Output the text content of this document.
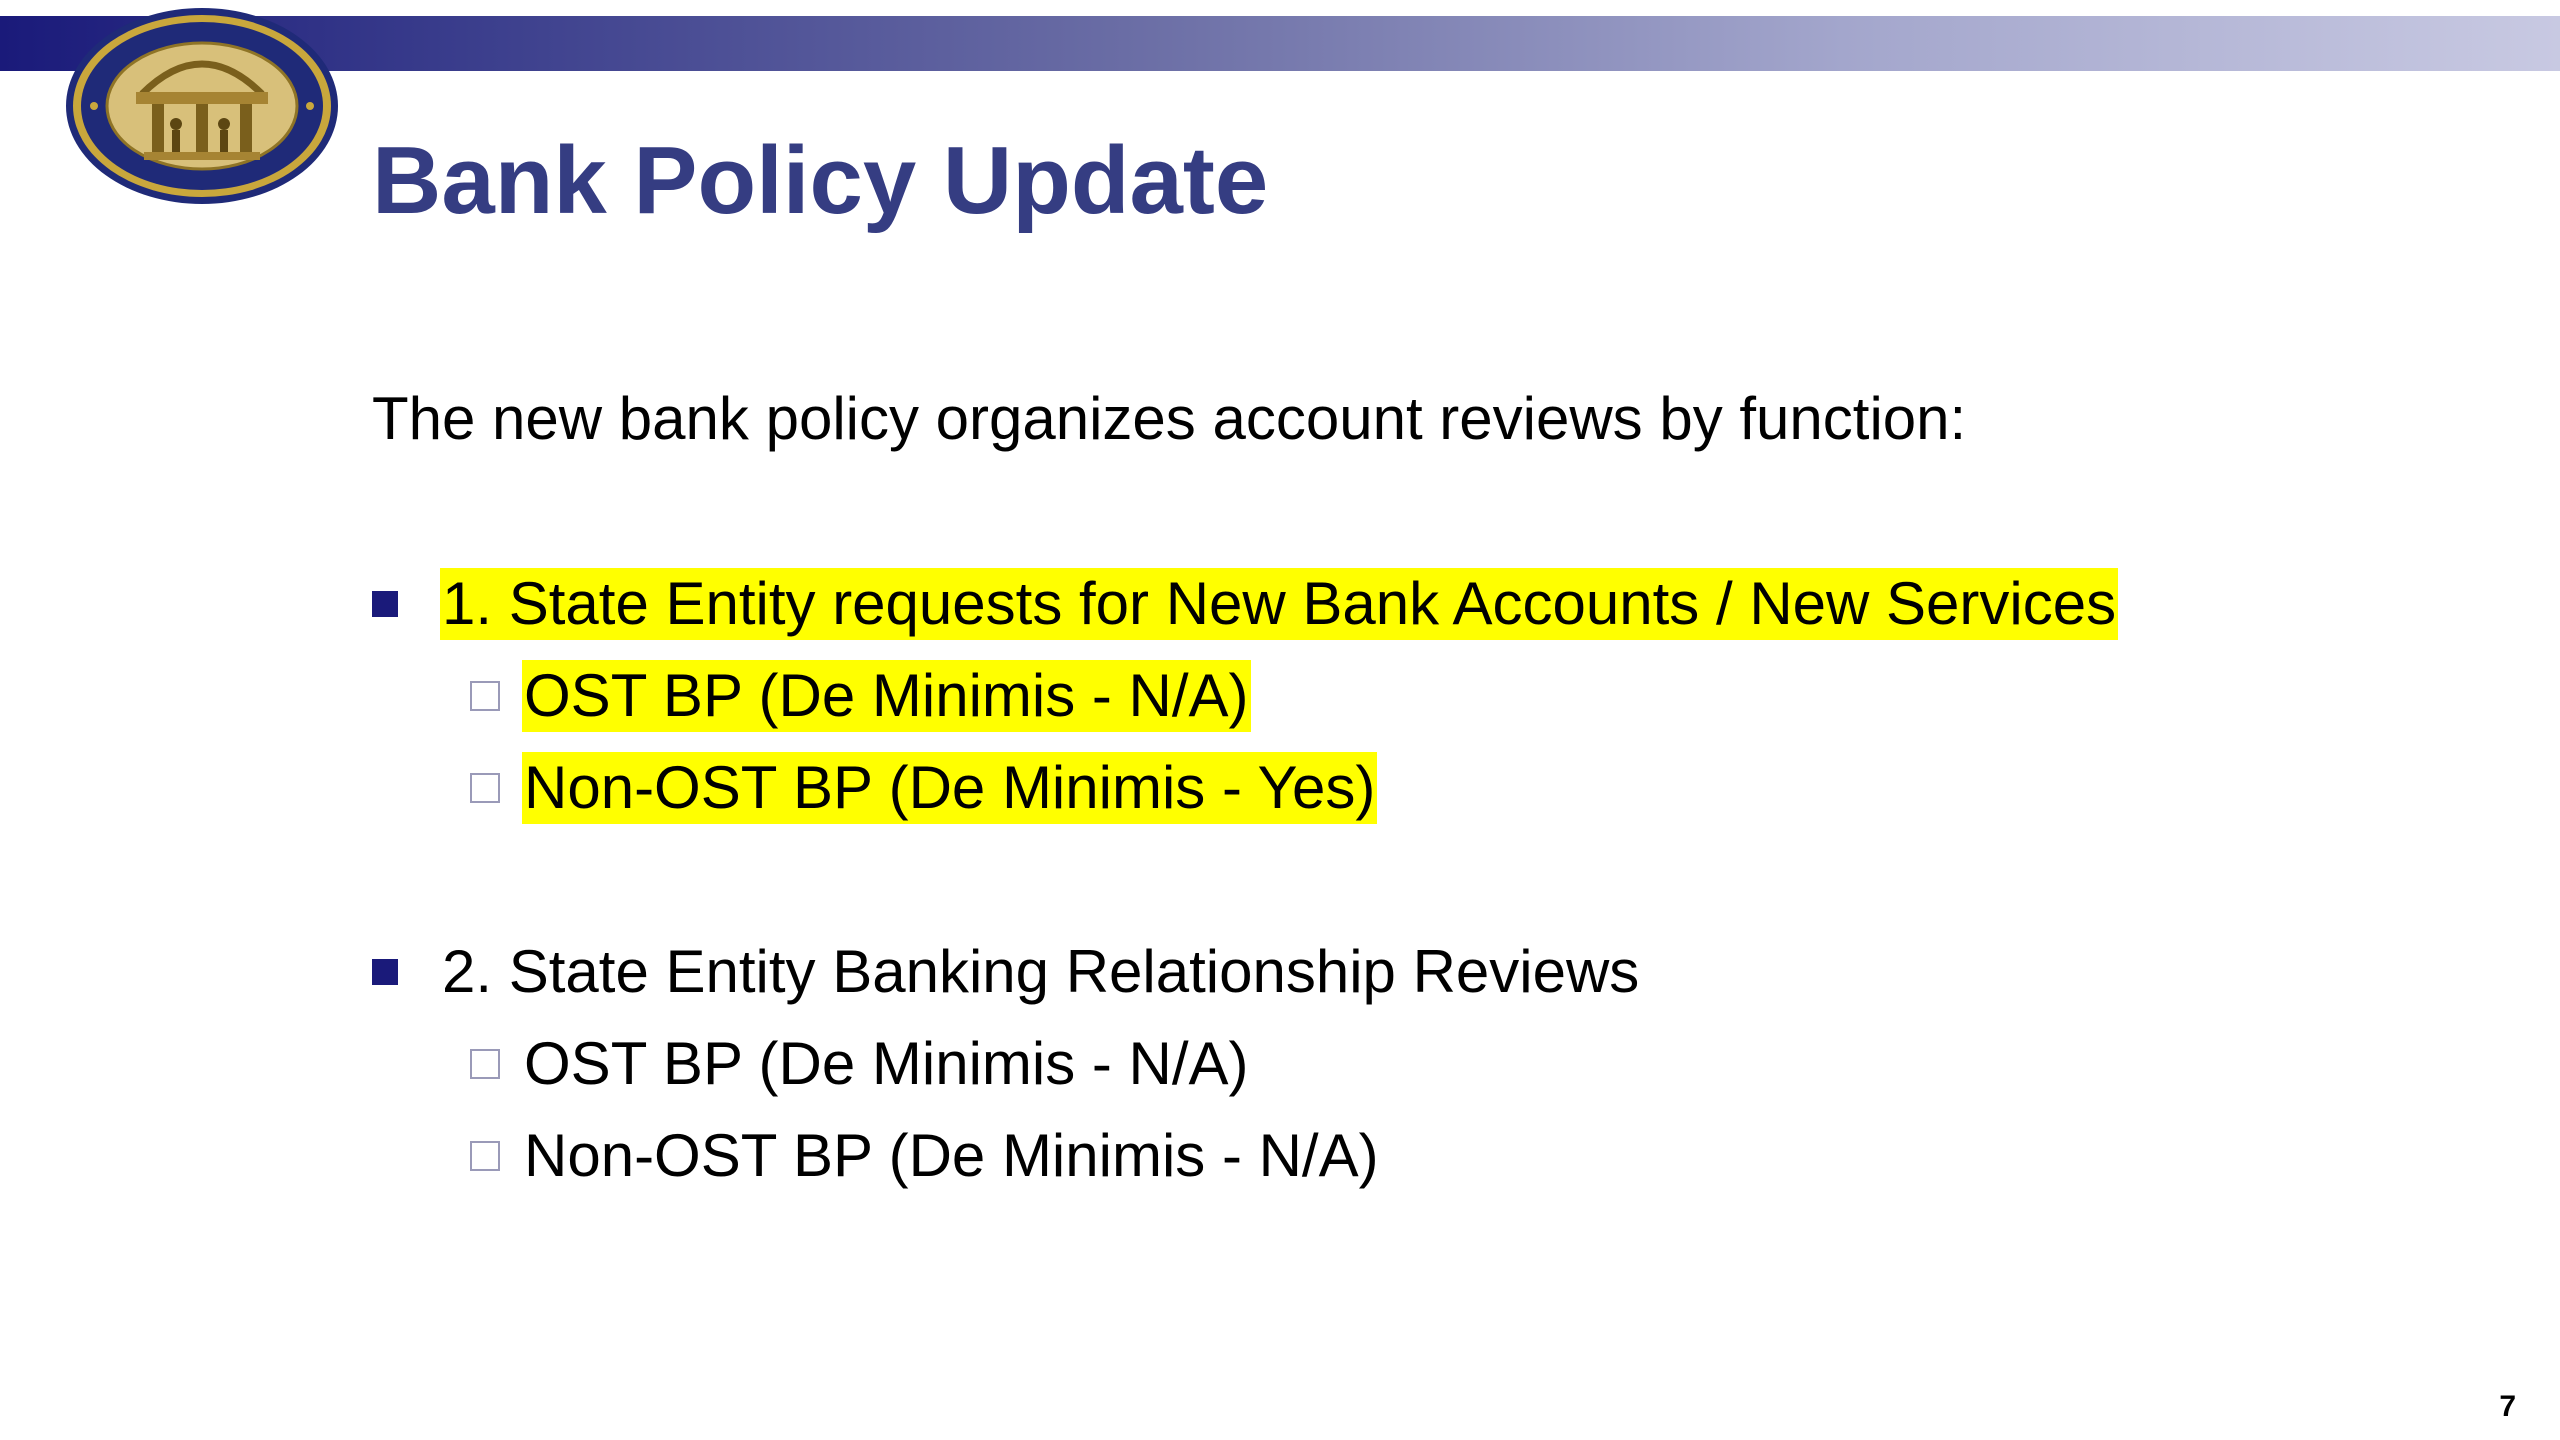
Bank Policy Update
The new bank policy organizes account reviews by function:
1. State Entity requests for New Bank Accounts / New Services
OST BP (De Minimis - N/A)
Non-OST BP (De Minimis - Yes)
2. State Entity Banking Relationship Reviews
OST BP (De Minimis - N/A)
Non-OST BP (De Minimis - N/A)
7
